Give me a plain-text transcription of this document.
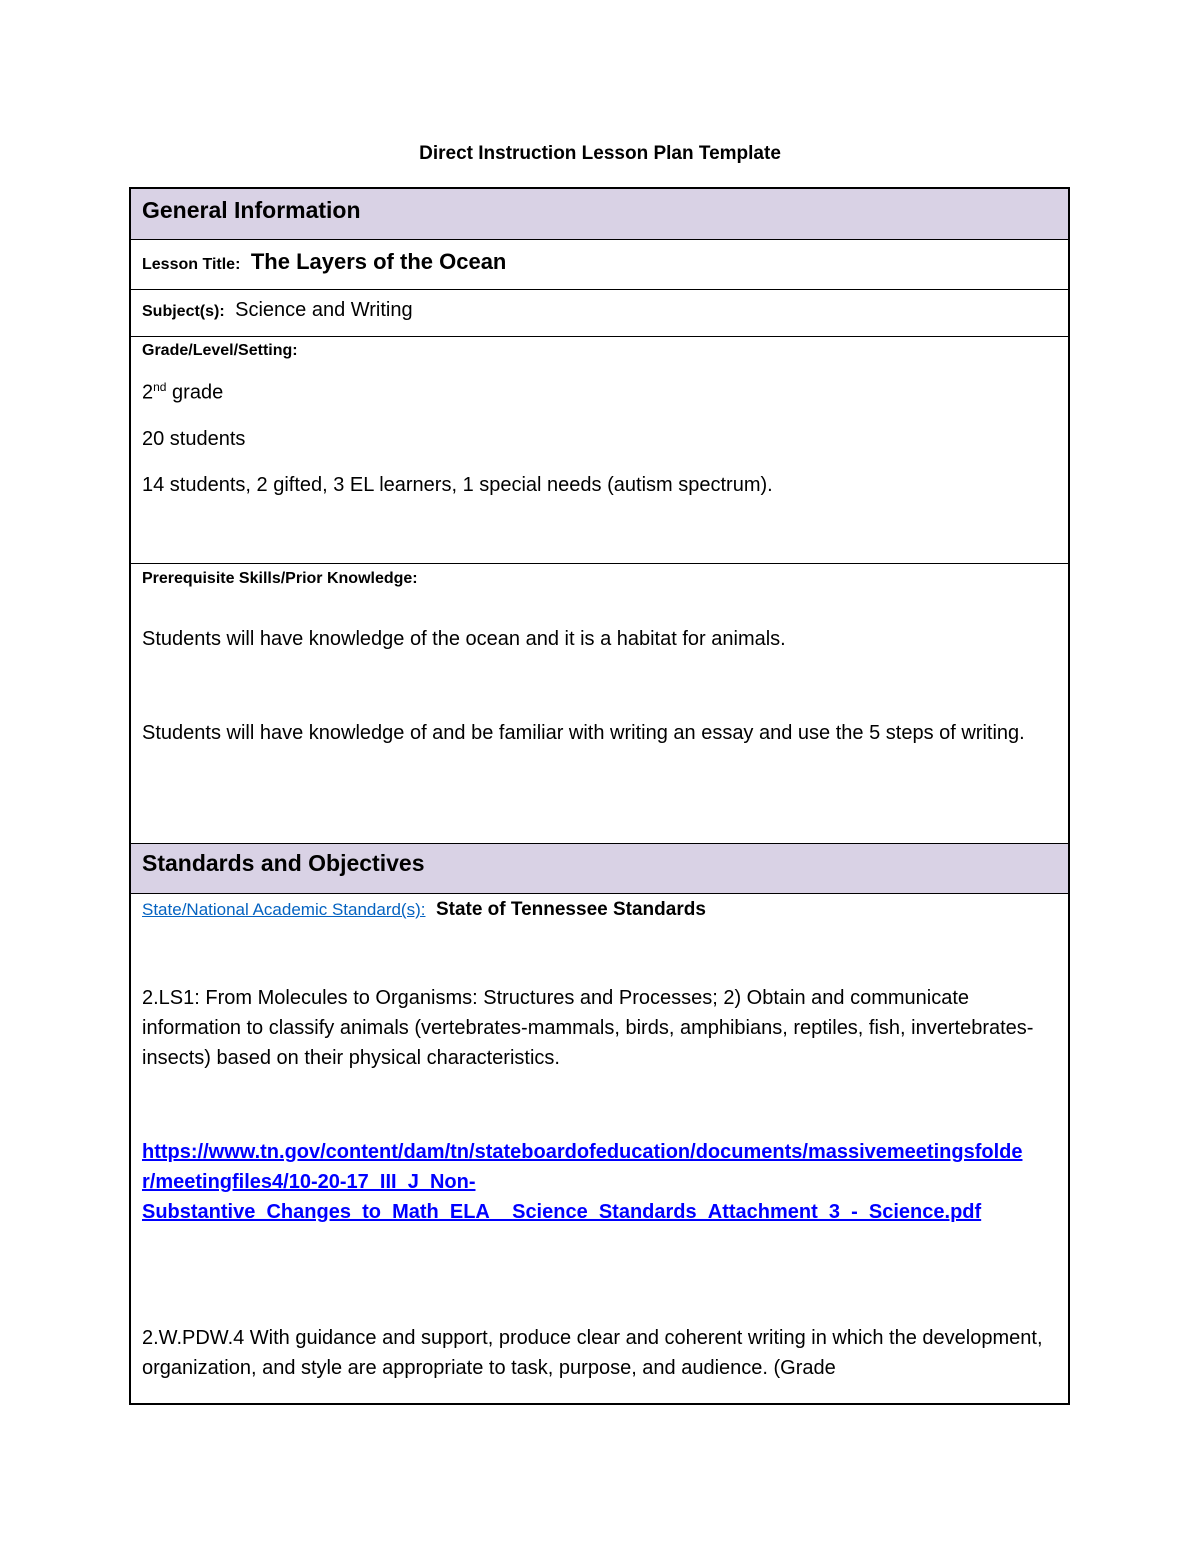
Direct Instruction Lesson Plan Template
General Information
Lesson Title: The Layers of the Ocean
Subject(s): Science and Writing
Grade/Level/Setting:

2nd grade

20 students

14 students, 2 gifted, 3 EL learners, 1 special needs (autism spectrum).

Prerequisite Skills/Prior Knowledge:

Students will have knowledge of the ocean and it is a habitat for animals.

Students will have knowledge of and be familiar with writing an essay and use the 5 steps of writing.

Standards and Objectives
State/National Academic Standard(s): State of Tennessee Standards

2.LS1: From Molecules to Organisms: Structures and Processes; 2) Obtain and communicate information to classify animals (vertebrates-mammals, birds, amphibians, reptiles, fish, invertebrates-insects) based on their physical characteristics.

https://www.tn.gov/content/dam/tn/stateboardofeducation/documents/massivemeetingsfolde
r/meetingfiles4/10-20-17_III_J_Non-
Substantive_Changes_to_Math_ELA__Science_Standards_Attachment_3_-_Science.pdf

2.W.PDW.4 With guidance and support, produce clear and coherent writing in which the development, organization, and style are appropriate to task, purpose, and audience. (Grade
